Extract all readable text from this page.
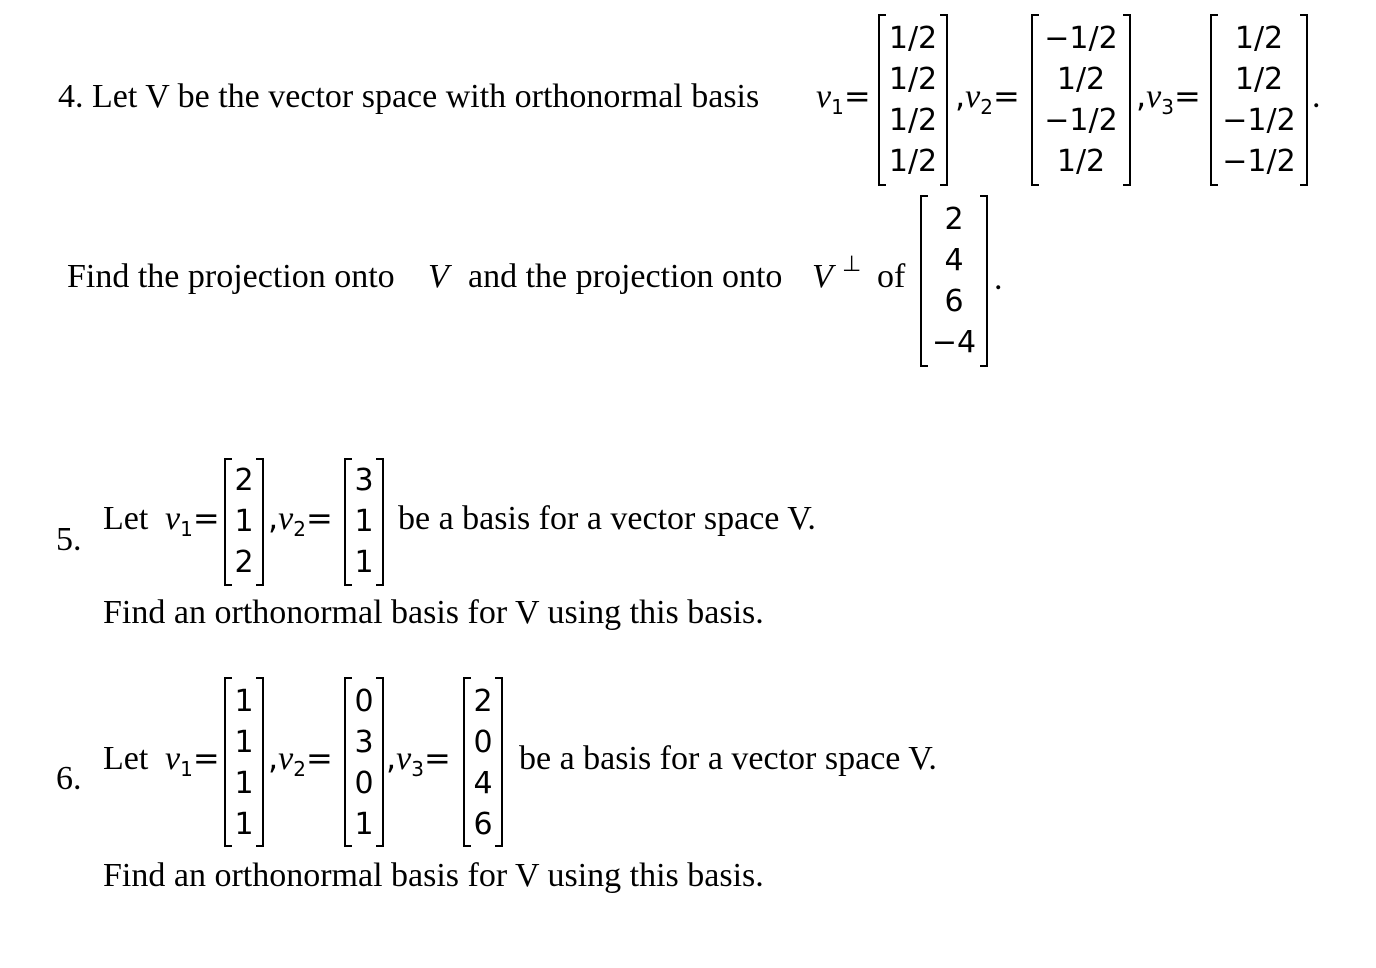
4. Let V be the vector space with orthonormal basis $v_1=$
1/2
1/2
1/2
1/2
$,v_2=$
−1/2
1/2
−1/2
1/2
$,v_3=$
1/2
1/2
−1/2
−1/2
.
Find the projection onto V and the projection onto V ⊥ of
2
4
6
−4
.
5.
Let $v_1=$
2
1
2
$,v_2=$
3
1
1
be a basis for a vector space V.
Find an orthonormal basis for V using this basis.
6.
Let $v_1=$
1
1
1
1
$,v_2=$
0
3
0
1
$,v_3=$
2
0
4
6
be a basis for a vector space V.
Find an orthonormal basis for V using this basis.
